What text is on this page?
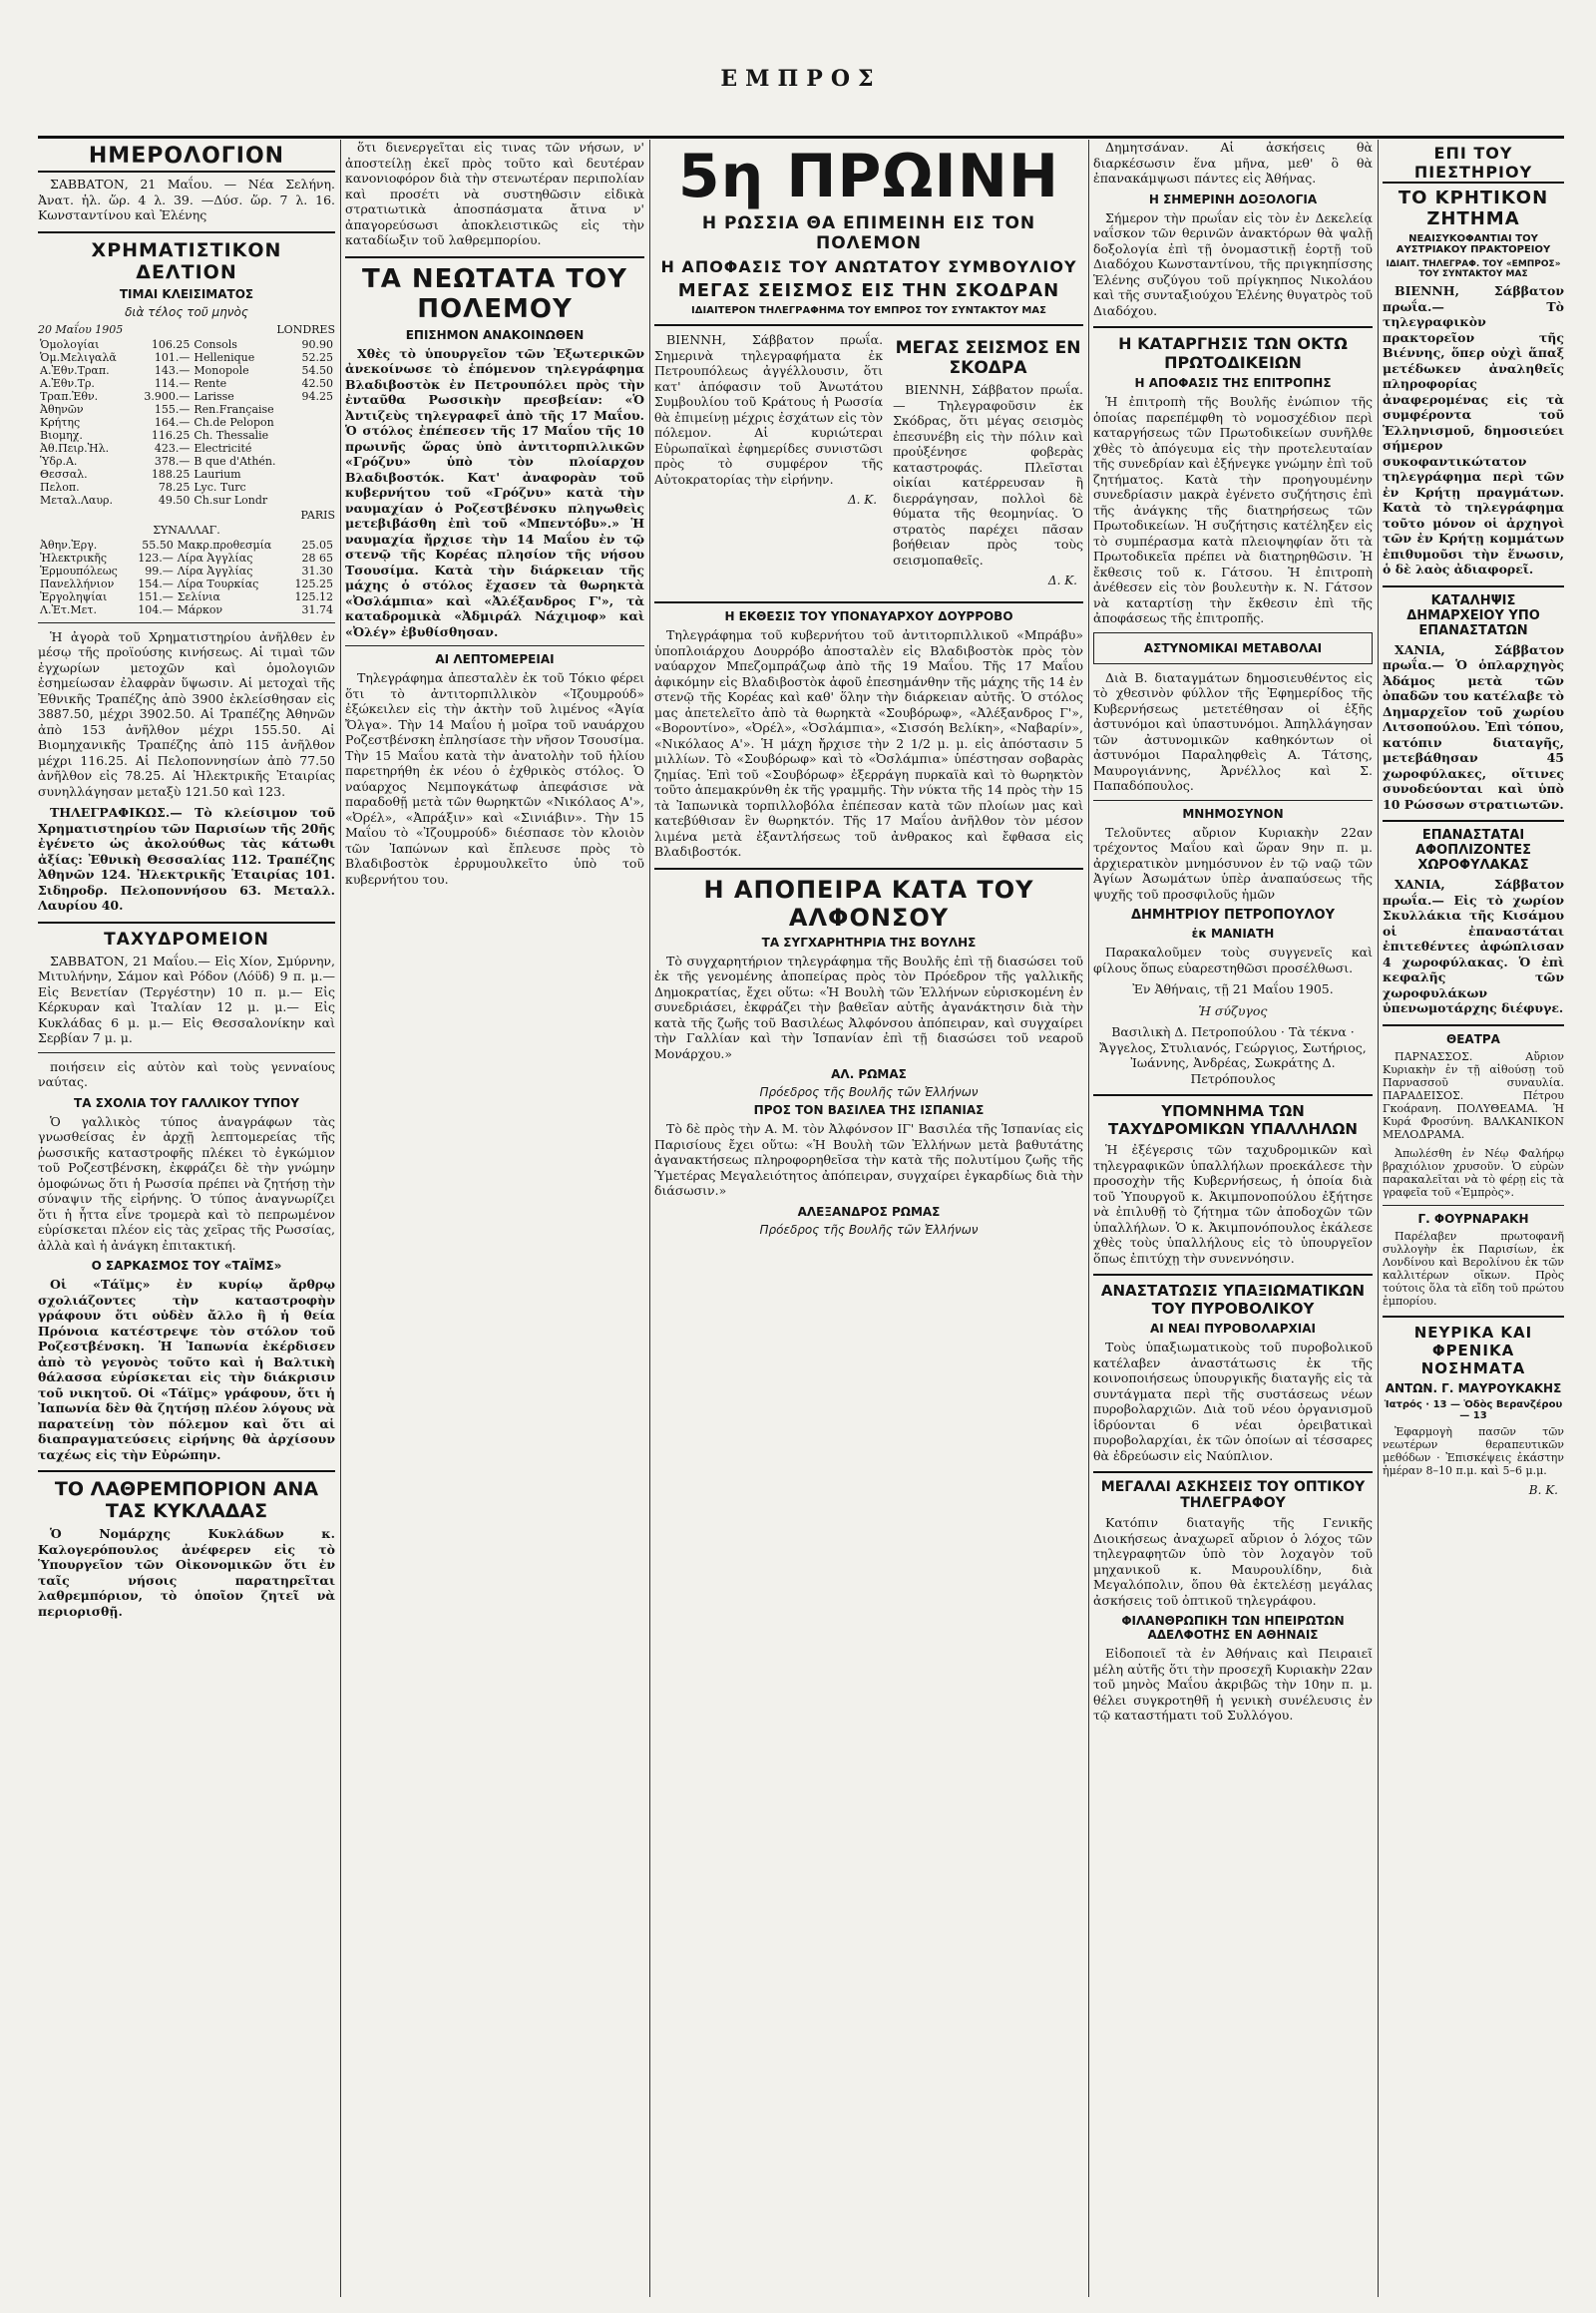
ΕΜΠΡΟΣ
ΗΜΕΡΟΛΟΓΙΟΝ

ΣΑΒΒΑΤΟΝ, 21 Μαΐου. — Νέα Σελήνη. Ἀνατ. ἡλ. ὥρ. 4 λ. 39. —Δύσ. ὥρ. 7 λ. 16. Κωνσταντίνου καὶ Ἑλένης

ΧΡΗΜΑΤΙΣΤΙΚΟΝ ΔΕΛΤΙΟΝ
ΤΙΜΑΙ ΚΛΕΙΣΙΜΑΤΟΣ
διὰ τέλος τοῦ μηνὸς
20 Μαΐου 1905	LONDRES
Ὁμολογίαι	106.25	Consols	90.90
Ὁμ.Μελιγαλᾶ	101.—	Hellenique	52.25
Α.Ἐθν.Τραπ.	143.—	Monopole	54.50
Α.Ἐθν.Τρ.	114.—	Rente	42.50
Τραπ.Ἐθν.	3.900.—	Larisse	94.25
Ἀθηνῶν	155.—	Ren.Française	
Κρήτης	164.—	Ch.de Pelopon	
Βιομηχ.	116.25	Ch. Thessalie	
Ἀθ.Πειρ.Ἠλ.	423.—	Electricité	
Ὑδρ.Α.	378.—	B que d'Athén.	
Θεσσαλ.	188.25	Laurium	
Πελοπ.	78.25	Lyc. Turc	
Μεταλ.Λαυρ.	49.50	Ch.sur Londr	
PARIS
ΣΥΝΑΛΛΑΓ.
Ἀθην.Ἐργ.	55.50	Μακρ.προθεσμία	25.05
Ἠλεκτρικῆς	123.—	Λίρα Ἀγγλίας	28 65
Ἑρμουπόλεως	99.—	Λίρα Ἀγγλίας	31.30
Πανελλήνιον	154.—	Λίρα Τουρκίας	125.25
Ἐργοληψίαι	151.—	Σελίνια	125.12
Λ.Ἐτ.Μετ.	104.—	Μάρκον	31.74

Ἡ ἀγορὰ τοῦ Χρηματιστηρίου ἀνῆλθεν ἐν μέσῳ τῆς προϊούσης κινήσεως. Αἱ τιμαὶ τῶν ἐγχωρίων μετοχῶν καὶ ὁμολογιῶν ἐσημείωσαν ἐλαφρὰν ὕψωσιν. Αἱ μετοχαὶ τῆς Ἐθνικῆς Τραπέζης ἀπὸ 3900 ἐκλείσθησαν εἰς 3887.50, μέχρι 3902.50. Αἱ Τραπέζης Ἀθηνῶν ἀπὸ 153 ἀνῆλθον μέχρι 155.50. Αἱ Βιομηχανικῆς Τραπέζης ἀπὸ 115 ἀνῆλθον μέχρι 116.25. Αἱ Πελοποννησίων ἀπὸ 77.50 ἀνῆλθον εἰς 78.25. Αἱ Ἠλεκτρικῆς Ἑταιρίας συνηλλάγησαν μεταξὺ 121.50 καὶ 123.

ΤΗΛΕΓΡΑΦΙΚΩΣ.— Τὸ κλείσιμον τοῦ Χρηματιστηρίου τῶν Παρισίων τῆς 20ῆς ἐγένετο ὡς ἀκολούθως τὰς κάτωθι ἀξίας: Ἐθνικὴ Θεσσαλίας 112. Τραπέζης Ἀθηνῶν 124. Ἠλεκτρικῆς Ἑταιρίας 101. Σιδηροδρ. Πελοποννήσου 63. Μεταλλ. Λαυρίου 40.

ΤΑΧΥΔΡΟΜΕΙΟΝ

ΣΑΒΒΑΤΟΝ, 21 Μαΐου.— Εἰς Χίον, Σμύρνην, Μιτυλήνην, Σάμον καὶ Ρόδον (Λόϋδ) 9 π. μ.— Εἰς Βενετίαν (Τεργέστην) 10 π. μ.— Εἰς Κέρκυραν καὶ Ἰταλίαν 12 μ. μ.— Εἰς Κυκλάδας 6 μ. μ.— Εἰς Θεσσαλονίκην καὶ Σερβίαν 7 μ. μ.

ποιήσειν εἰς αὐτὸν καὶ τοὺς γενναίους ναύτας.

ΤΑ ΣΧΟΛΙΑ ΤΟΥ ΓΑΛΛΙΚΟΥ ΤΥΠΟΥ

Ὁ γαλλικὸς τύπος ἀναγράφων τὰς γνωσθείσας ἐν ἀρχῇ λεπτομερείας τῆς ῥωσσικῆς καταστροφῆς πλέκει τὸ ἐγκώμιον τοῦ Ροζεστβένσκη, ἐκφράζει δὲ τὴν γνώμην ὁμοφώνως ὅτι ἡ Ρωσσία πρέπει νὰ ζητήσῃ τὴν σύναψιν τῆς εἰρήνης. Ὁ τύπος ἀναγνωρίζει ὅτι ἡ ἧττα εἶνε τρομερὰ καὶ τὸ πεπρωμένον εὑρίσκεται πλέον εἰς τὰς χεῖρας τῆς Ρωσσίας, ἀλλὰ καὶ ἡ ἀνάγκη ἐπιτακτική.

Ο ΣΑΡΚΑΣΜΟΣ ΤΟΥ «ΤΑΪΜΣ»

Οἱ «Τάϊμς» ἐν κυρίῳ ἄρθρῳ σχολιάζοντες τὴν καταστροφὴν γράφουν ὅτι οὐδὲν ἄλλο ἢ ἡ θεία Πρόνοια κατέστρεψε τὸν στόλον τοῦ Ροζεστβένσκη. Ἡ Ἰαπωνία ἐκέρδισεν ἀπὸ τὸ γεγονὸς τοῦτο καὶ ἡ Βαλτικὴ θάλασσα εὑρίσκεται εἰς τὴν διάκρισιν τοῦ νικητοῦ. Οἱ «Τάϊμς» γράφουν, ὅτι ἡ Ἰαπωνία δὲν θὰ ζητήσῃ πλέον λόγους νὰ παρατείνῃ τὸν πόλεμον καὶ ὅτι αἱ διαπραγματεύσεις εἰρήνης θὰ ἀρχίσουν ταχέως εἰς τὴν Εὐρώπην.

ΤΟ ΛΑΘΡΕΜΠΟΡΙΟΝ ΑΝΑ ΤΑΣ ΚΥΚΛΑΔΑΣ

Ὁ Νομάρχης Κυκλάδων κ. Καλογερόπουλος ἀνέφερεν εἰς τὸ Ὑπουργεῖον τῶν Οἰκονομικῶν ὅτι ἐν ταῖς νήσοις παρατηρεῖται λαθρεμπόριον, τὸ ὁποῖον ζητεῖ νὰ περιορισθῇ.

ὅτι διενεργεῖται εἰς τινας τῶν νήσων, ν' ἀποστείλῃ ἐκεῖ πρὸς τοῦτο καὶ δευτέραν κανονιοφόρον διὰ τὴν στενωτέραν περιπολίαν καὶ προσέτι νὰ συστηθῶσιν εἰδικὰ στρατιωτικὰ ἀποσπάσματα ἄτινα ν' ἀπαγορεύσωσι ἀποκλειστικῶς εἰς τὴν καταδίωξιν τοῦ λαθρεμπορίου.

ΤΑ ΝΕΩΤΑΤΑ ΤΟΥ ΠΟΛΕΜΟΥ
ΕΠΙΣΗΜΟΝ ΑΝΑΚΟΙΝΩΘΕΝ

Χθὲς τὸ ὑπουργεῖον τῶν Ἐξωτερικῶν ἀνεκοίνωσε τὸ ἑπόμενον τηλεγράφημα Βλαδιβοστὸκ ἐν Πετρουπόλει πρὸς τὴν ἐνταῦθα Ρωσσικὴν πρεσβείαν: «Ὁ Ἀντιζεὺς τηλεγραφεῖ ἀπὸ τῆς 17 Μαΐου. Ὁ στόλος ἐπέπεσεν τῆς 17 Μαΐου τῆς 10 πρωινῆς ὥρας ὑπὸ ἀντιτορπιλλικῶν «Γρόζνυ» ὑπὸ τὸν πλοίαρχον Βλαδιβοστόκ. Κατ' ἀναφορὰν τοῦ κυβερνήτου τοῦ «Γρόζνυ» κατὰ τὴν ναυμαχίαν ὁ Ροζεστβένσκυ πληγωθεὶς μετεβιβάσθη ἐπὶ τοῦ «Μπεντόβυ».» Ἡ ναυμαχία ἤρχισε τὴν 14 Μαΐου ἐν τῷ στενῷ τῆς Κορέας πλησίον τῆς νήσου Τσουσίμα. Κατὰ τὴν διάρκειαν τῆς μάχης ὁ στόλος ἔχασεν τὰ θωρηκτὰ «Ὀσλάμπια» καὶ «Ἀλέξανδρος Γ'», τὰ καταδρομικὰ «Ἀδμιράλ Νάχιμοφ» καὶ «Ὀλέγ» ἐβυθίσθησαν.

ΑΙ ΛΕΠΤΟΜΕΡΕΙΑΙ

Τηλεγράφημα ἀπεσταλὲν ἐκ τοῦ Τόκιο φέρει ὅτι τὸ ἀντιτορπιλλικὸν «Ἰζουμρούδ» ἐξώκειλεν εἰς τὴν ἀκτὴν τοῦ λιμένος «Ἁγία Ὄλγα». Τὴν 14 Μαΐου ἡ μοῖρα τοῦ ναυάρχου Ροζεστβένσκη ἐπλησίασε τὴν νῆσον Τσουσίμα. Τὴν 15 Μαΐου κατὰ τὴν ἀνατολὴν τοῦ ἡλίου παρετηρήθη ἐκ νέου ὁ ἐχθρικὸς στόλος. Ὁ ναύαρχος Νεμπογκάτωφ ἀπεφάσισε νὰ παραδοθῇ μετὰ τῶν θωρηκτῶν «Νικόλαος Α'», «Ὀρέλ», «Ἀπράξιν» καὶ «Σινιάβιν». Τὴν 15 Μαΐου τὸ «Ἰζουμρούδ» διέσπασε τὸν κλοιὸν τῶν Ἰαπώνων καὶ ἔπλευσε πρὸς τὸ Βλαδιβοστὸκ ἐρρυμουλκεῖτο ὑπὸ τοῦ κυβερνήτου του.

5η ΠΡΩΙΝΗ
Η ΡΩΣΣΙΑ ΘΑ ΕΠΙΜΕΙΝΗ ΕΙΣ ΤΟΝ ΠΟΛΕΜΟΝ
Η ΑΠΟΦΑΣΙΣ ΤΟΥ ΑΝΩΤΑΤΟΥ ΣΥΜΒΟΥΛΙΟΥ
ΜΕΓΑΣ ΣΕΙΣΜΟΣ ΕΙΣ ΤΗΝ ΣΚΟΔΡΑΝ
ΙΔΙΑΙΤΕΡΟΝ ΤΗΛΕΓΡΑΦΗΜΑ ΤΟΥ ΕΜΠΡΟΣ ΤΟΥ ΣΥΝΤΑΚΤΟΥ ΜΑΣ

ΒΙΕΝΝΗ, Σάββατον πρωΐα. Σημερινὰ τηλεγραφήματα ἐκ Πετρουπόλεως ἀγγέλλουσιν, ὅτι κατ' ἀπόφασιν τοῦ Ἀνωτάτου Συμβουλίου τοῦ Κράτους ἡ Ρωσσία θὰ ἐπιμείνῃ μέχρις ἐσχάτων εἰς τὸν πόλεμον. Αἱ κυριώτεραι Εὐρωπαϊκαὶ ἐφημερίδες συνιστῶσι πρὸς τὸ συμφέρον τῆς Αὐτοκρατορίας τὴν εἰρήνην.

Δ. Κ.
ΜΕΓΑΣ ΣΕΙΣΜΟΣ ΕΝ ΣΚΟΔΡΑ

ΒΙΕΝΝΗ, Σάββατον πρωΐα.— Τηλεγραφοῦσιν ἐκ Σκόδρας, ὅτι μέγας σεισμὸς ἐπεσυνέβη εἰς τὴν πόλιν καὶ προὐξένησε φοβερὰς καταστροφάς. Πλεῖσται οἰκίαι κατέρρευσαν ἢ διερράγησαν, πολλοὶ δὲ θύματα τῆς θεομηνίας. Ὁ στρατὸς παρέχει πᾶσαν βοήθειαν πρὸς τοὺς σεισμοπαθεῖς.

Δ. Κ.
Η ΕΚΘΕΣΙΣ ΤΟΥ ΥΠΟΝΑΥΑΡΧΟΥ ΔΟΥΡΡΟΒΟ

Τηλεγράφημα τοῦ κυβερνήτου τοῦ ἀντιτορπιλλικοῦ «Μπράβυ» ὑποπλοιάρχου Δουρρόβο ἀποσταλὲν εἰς Βλαδιβοστὸκ πρὸς τὸν ναύαρχον Μπεζομπράζωφ ἀπὸ τῆς 19 Μαΐου. Τῆς 17 Μαΐου ἀφικόμην εἰς Βλαδιβοστὸκ ἀφοῦ ἐπεσημάνθην τῆς μάχης τῆς 14 ἐν στενῷ τῆς Κορέας καὶ καθ' ὅλην τὴν διάρκειαν αὐτῆς. Ὁ στόλος μας ἀπετελεῖτο ἀπὸ τὰ θωρηκτὰ «Σουβόρωφ», «Ἀλέξανδρος Γ'», «Βοροντίνο», «Ὀρέλ», «Ὀσλάμπια», «Σισσόη Βελίκη», «Ναβαρίν», «Νικόλαος Α'». Ἡ μάχη ἤρχισε τὴν 2 1/2 μ. μ. εἰς ἀπόστασιν 5 μιλλίων. Τὸ «Σουβόρωφ» καὶ τὸ «Ὀσλάμπια» ὑπέστησαν σοβαρὰς ζημίας. Ἐπὶ τοῦ «Σουβόρωφ» ἐξερράγη πυρκαϊὰ καὶ τὸ θωρηκτὸν τοῦτο ἀπεμακρύνθη ἐκ τῆς γραμμῆς. Τὴν νύκτα τῆς 14 πρὸς τὴν 15 τὰ Ἰαπωνικὰ τορπιλλοβόλα ἐπέπεσαν κατὰ τῶν πλοίων μας καὶ κατεβύθισαν ἓν θωρηκτόν. Τῆς 17 Μαΐου ἀνῆλθον τὸν μέσον λιμένα μετὰ ἐξαντλήσεως τοῦ ἀνθρακος καὶ ἔφθασα εἰς Βλαδιβοστόκ.

Η ΑΠΟΠΕΙΡΑ ΚΑΤΑ ΤΟΥ ΑΛΦΟΝΣΟΥ
ΤΑ ΣΥΓΧΑΡΗΤΗΡΙΑ ΤΗΣ ΒΟΥΛΗΣ

Τὸ συγχαρητήριον τηλεγράφημα τῆς Βουλῆς ἐπὶ τῇ διασώσει τοῦ ἐκ τῆς γενομένης ἀποπείρας πρὸς τὸν Πρόεδρον τῆς γαλλικῆς Δημοκρατίας, ἔχει οὕτω: «Ἡ Βουλὴ τῶν Ἑλλήνων εὑρισκομένη ἐν συνεδριάσει, ἐκφράζει τὴν βαθεῖαν αὐτῆς ἀγανάκτησιν διὰ τὴν κατὰ τῆς ζωῆς τοῦ Βασιλέως Ἀλφόνσου ἀπόπειραν, καὶ συγχαίρει τὴν Γαλλίαν καὶ τὴν Ἱσπανίαν ἐπὶ τῇ διασώσει τοῦ νεαροῦ Μονάρχου.»

ΑΛ. ΡΩΜΑΣ
Πρόεδρος τῆς Βουλῆς τῶν Ἑλλήνων
ΠΡΟΣ ΤΟΝ ΒΑΣΙΛΕΑ ΤΗΣ ΙΣΠΑΝΙΑΣ

Τὸ δὲ πρὸς τὴν Α. Μ. τὸν Ἀλφόνσον ΙΓ' Βασιλέα τῆς Ἱσπανίας εἰς Παρισίους ἔχει οὕτω: «Ἡ Βουλὴ τῶν Ἑλλήνων μετὰ βαθυτάτης ἀγανακτήσεως πληροφορηθεῖσα τὴν κατὰ τῆς πολυτίμου ζωῆς τῆς Ὑμετέρας Μεγαλειότητος ἀπόπειραν, συγχαίρει ἐγκαρδίως διὰ τὴν διάσωσιν.»

ΑΛΕΞΑΝΔΡΟΣ ΡΩΜΑΣ
Πρόεδρος τῆς Βουλῆς τῶν Ἑλλήνων

Δημητσάναν. Αἱ ἀσκήσεις θὰ διαρκέσωσιν ἕνα μῆνα, μεθ' ὃ θὰ ἐπανακάμψωσι πάντες εἰς Ἀθήνας.

Η ΣΗΜΕΡΙΝΗ ΔΟΞΟΛΟΓΙΑ

Σήμερον τὴν πρωΐαν εἰς τὸν ἐν Δεκελείᾳ ναΐσκον τῶν θερινῶν ἀνακτόρων θὰ ψαλῇ δοξολογία ἐπὶ τῇ ὀνομαστικῇ ἑορτῇ τοῦ Διαδόχου Κωνσταντίνου, τῆς πριγκηπίσσης Ἑλένης συζύγου τοῦ πρίγκηπος Νικολάου καὶ τῆς συνταξιούχου Ἑλένης θυγατρὸς τοῦ Διαδόχου.

Η ΚΑΤΑΡΓΗΣΙΣ ΤΩΝ ΟΚΤΩ ΠΡΩΤΟΔΙΚΕΙΩΝ
Η ΑΠΟΦΑΣΙΣ ΤΗΣ ΕΠΙΤΡΟΠΗΣ

Ἡ ἐπιτροπὴ τῆς Βουλῆς ἐνώπιον τῆς ὁποίας παρεπέμφθη τὸ νομοσχέδιον περὶ καταργήσεως τῶν Πρωτοδικείων συνῆλθε χθὲς τὸ ἀπόγευμα εἰς τὴν προτελευταίαν τῆς συνεδρίαν καὶ ἐξήνεγκε γνώμην ἐπὶ τοῦ ζητήματος. Κατὰ τὴν προηγουμένην συνεδρίασιν μακρὰ ἐγένετο συζήτησις ἐπὶ τῆς ἀνάγκης τῆς διατηρήσεως τῶν Πρωτοδικείων. Ἡ συζήτησις κατέληξεν εἰς τὸ συμπέρασμα κατὰ πλειοψηφίαν ὅτι τὰ Πρωτοδικεῖα πρέπει νὰ διατηρηθῶσιν. Ἡ ἔκθεσις τοῦ κ. Γάτσου. Ἡ ἐπιτροπὴ ἀνέθεσεν εἰς τὸν βουλευτὴν κ. Ν. Γάτσον νὰ καταρτίσῃ τὴν ἔκθεσιν ἐπὶ τῆς ἀποφάσεως τῆς ἐπιτροπῆς.

ΑΣΤΥΝΟΜΙΚΑΙ ΜΕΤΑΒΟΛΑΙ

Διὰ Β. διαταγμάτων δημοσιευθέντος εἰς τὸ χθεσινὸν φύλλον τῆς Ἐφημερίδος τῆς Κυβερνήσεως μετετέθησαν οἱ ἑξῆς ἀστυνόμοι καὶ ὑπαστυνόμοι. Ἀπηλλάγησαν τῶν ἀστυνομικῶν καθηκόντων οἱ ἀστυνόμοι Παραληφθεὶς Α. Τάτσης, Μαυρογιάννης, Ἀρνέλλος καὶ Σ. Παπαδόπουλος.

ΜΝΗΜΟΣΥΝΟΝ

Τελοῦντες αὔριον Κυριακὴν 22αν τρέχοντος Μαΐου καὶ ὥραν 9ην π. μ. ἀρχιερατικὸν μνημόσυνον ἐν τῷ ναῷ τῶν Ἀγίων Ἀσωμάτων ὑπὲρ ἀναπαύσεως τῆς ψυχῆς τοῦ προσφιλοῦς ἡμῶν

ΔΗΜΗΤΡΙΟΥ ΠΕΤΡΟΠΟΥΛΟΥ
ἐκ ΜΑΝΙΑΤΗ

Παρακαλοῦμεν τοὺς συγγενεῖς καὶ φίλους ὅπως εὐαρεστηθῶσι προσέλθωσι.

Ἐν Ἀθήναις, τῇ 21 Μαΐου 1905.

Ἡ σύζυγος

Βασιλικὴ Δ. Πετροπούλου · Τὰ τέκνα · Ἄγγελος, Στυλιανός, Γεώργιος, Σωτήριος, Ἰωάννης, Ἀνδρέας, Σωκράτης Δ. Πετρόπουλος

ΥΠΟΜΝΗΜΑ ΤΩΝ ΤΑΧΥΔΡΟΜΙΚΩΝ ΥΠΑΛΛΗΛΩΝ

Ἡ ἐξέγερσις τῶν ταχυδρομικῶν καὶ τηλεγραφικῶν ὑπαλλήλων προεκάλεσε τὴν προσοχὴν τῆς Κυβερνήσεως, ἡ ὁποία διὰ τοῦ Ὑπουργοῦ κ. Ἀκιμπονοπούλου ἐξήτησε νὰ ἐπιλυθῇ τὸ ζήτημα τῶν ἀποδοχῶν τῶν ὑπαλλήλων. Ὁ κ. Ἀκιμπονόπουλος ἐκάλεσε χθὲς τοὺς ὑπαλλήλους εἰς τὸ ὑπουργεῖον ὅπως ἐπιτύχῃ τὴν συνεννόησιν.

ΑΝΑΣΤΑΤΩΣΙΣ ΥΠΑΞΙΩΜΑΤΙΚΩΝ ΤΟΥ ΠΥΡΟΒΟΛΙΚΟΥ
ΑΙ ΝΕΑΙ ΠΥΡΟΒΟΛΑΡΧΙΑΙ

Τοὺς ὑπαξιωματικοὺς τοῦ πυροβολικοῦ κατέλαβεν ἀναστάτωσις ἐκ τῆς κοινοποιήσεως ὑπουργικῆς διαταγῆς εἰς τὰ συντάγματα περὶ τῆς συστάσεως νέων πυροβολαρχιῶν. Διὰ τοῦ νέου ὀργανισμοῦ ἱδρύονται 6 νέαι ὀρειβατικαὶ πυροβολαρχίαι, ἐκ τῶν ὁποίων αἱ τέσσαρες θὰ ἐδρεύωσιν εἰς Ναύπλιον.

ΜΕΓΑΛΑΙ ΑΣΚΗΣΕΙΣ ΤΟΥ ΟΠΤΙΚΟΥ ΤΗΛΕΓΡΑΦΟΥ

Κατόπιν διαταγῆς τῆς Γενικῆς Διοικήσεως ἀναχωρεῖ αὔριον ὁ λόχος τῶν τηλεγραφητῶν ὑπὸ τὸν λοχαγὸν τοῦ μηχανικοῦ κ. Μαυρουλίδην, διὰ Μεγαλόπολιν, ὅπου θὰ ἐκτελέσῃ μεγάλας ἀσκήσεις τοῦ ὀπτικοῦ τηλεγράφου.

ΦΙΛΑΝΘΡΩΠΙΚΗ ΤΩΝ ΗΠΕΙΡΩΤΩΝ ΑΔΕΛΦΟΤΗΣ ΕΝ ΑΘΗΝΑΙΣ

Εἰδοποιεῖ τὰ ἐν Ἀθήναις καὶ Πειραιεῖ μέλη αὐτῆς ὅτι τὴν προσεχῆ Κυριακὴν 22αν τοῦ μηνὸς Μαΐου ἀκριβῶς τὴν 10ην π. μ. θέλει συγκροτηθῆ ἡ γενικὴ συνέλευσις ἐν τῷ καταστήματι τοῦ Συλλόγου.

ΕΠΙ ΤΟΥ ΠΙΕΣΤΗΡΙΟΥ
ΤΟ ΚΡΗΤΙΚΟΝ ΖΗΤΗΜΑ
ΝΕΑΙΣΥΚΟΦΑΝΤΙΑΙ ΤΟΥ ΑΥΣΤΡΙΑΚΟΥ ΠΡΑΚΤΟΡΕΙΟΥ
ΙΔΙΑΙΤ. ΤΗΛΕΓΡΑΦ. ΤΟΥ «ΕΜΠΡΟΣ» ΤΟΥ ΣΥΝΤΑΚΤΟΥ ΜΑΣ

ΒΙΕΝΝΗ, Σάββατον πρωΐα.— Τὸ τηλεγραφικὸν πρακτορεῖον τῆς Βιέννης, ὅπερ οὐχὶ ἅπαξ μετέδωκεν ἀναληθεῖς πληροφορίας ἀναφερομένας εἰς τὰ συμφέροντα τοῦ Ἑλληνισμοῦ, δημοσιεύει σήμερον συκοφαντικώτατον τηλεγράφημα περὶ τῶν ἐν Κρήτῃ πραγμάτων. Κατὰ τὸ τηλεγράφημα τοῦτο μόνον οἱ ἀρχηγοὶ τῶν ἐν Κρήτῃ κομμάτων ἐπιθυμοῦσι τὴν ἕνωσιν, ὁ δὲ λαὸς ἀδιαφορεῖ.

ΚΑΤΑΛΗΨΙΣ ΔΗΜΑΡΧΕΙΟΥ ΥΠΟ ΕΠΑΝΑΣΤΑΤΩΝ

ΧΑΝΙΑ, Σάββατον πρωΐα.— Ὁ ὁπλαρχηγὸς Ἀδάμος μετὰ τῶν ὀπαδῶν του κατέλαβε τὸ Δημαρχεῖον τοῦ χωρίου Λιτσοπούλου. Ἐπὶ τόπου, κατόπιν διαταγῆς, μετεβάθησαν 45 χωροφύλακες, οἵτινες συνοδεύονται καὶ ὑπὸ 10 Ρώσσων στρατιωτῶν.

ΕΠΑΝΑΣΤΑΤΑΙ ΑΦΟΠΛΙΖΟΝΤΕΣ ΧΩΡΟΦΥΛΑΚΑΣ

ΧΑΝΙΑ, Σάββατον πρωΐα.— Εἰς τὸ χωρίον Σκυλλάκια τῆς Κισάμου οἱ ἐπαναστάται ἐπιτεθέντες ἀφώπλισαν 4 χωροφύλακας. Ὁ ἐπὶ κεφαλῆς τῶν χωροφυλάκων ὑπενωμοτάρχης διέφυγε.

ΘΕΑΤΡΑ

ΠΑΡΝΑΣΣΟΣ. Αὔριον Κυριακὴν ἐν τῇ αἰθούσῃ τοῦ Παρνασσοῦ συναυλία. ΠΑΡΑΔΕΙΣΟΣ. Πέτρου Γκοάρανη. ΠΟΛΥΘΕΑΜΑ. Ἡ Κυρά Φροσύνη. ΒΑΛΚΑΝΙΚΟΝ ΜΕΛΟΔΡΑΜΑ.

Ἀπωλέσθη ἐν Νέῳ Φαλήρῳ βραχιόλιον χρυσοῦν. Ὁ εὑρὼν παρακαλεῖται νὰ τὸ φέρῃ εἰς τὰ γραφεῖα τοῦ «Ἐμπρὸς».

Γ. ΦΟΥΡΝΑΡΑΚΗ

Παρέλαβεν πρωτοφανῆ συλλογὴν ἐκ Παρισίων, ἐκ Λονδίνου καὶ Βερολίνου ἐκ τῶν καλλιτέρων οἴκων. Πρὸς τούτοις ὅλα τὰ εἴδη τοῦ πρώτου ἐμπορίου.

ΝΕΥΡΙΚΑ ΚΑΙ ΦΡΕΝΙΚΑ ΝΟΣΗΜΑΤΑ
ΑΝΤΩΝ. Γ. ΜΑΥΡΟΥΚΑΚΗΣ
Ἰατρός · 13 — Ὁδὸς Βερανζέρου — 13

Ἐφαρμογὴ πασῶν τῶν νεωτέρων θεραπευτικῶν μεθόδων · Ἐπισκέψεις ἐκάστην ἡμέραν 8–10 π.μ. καὶ 5–6 μ.μ.

Β. Κ.
